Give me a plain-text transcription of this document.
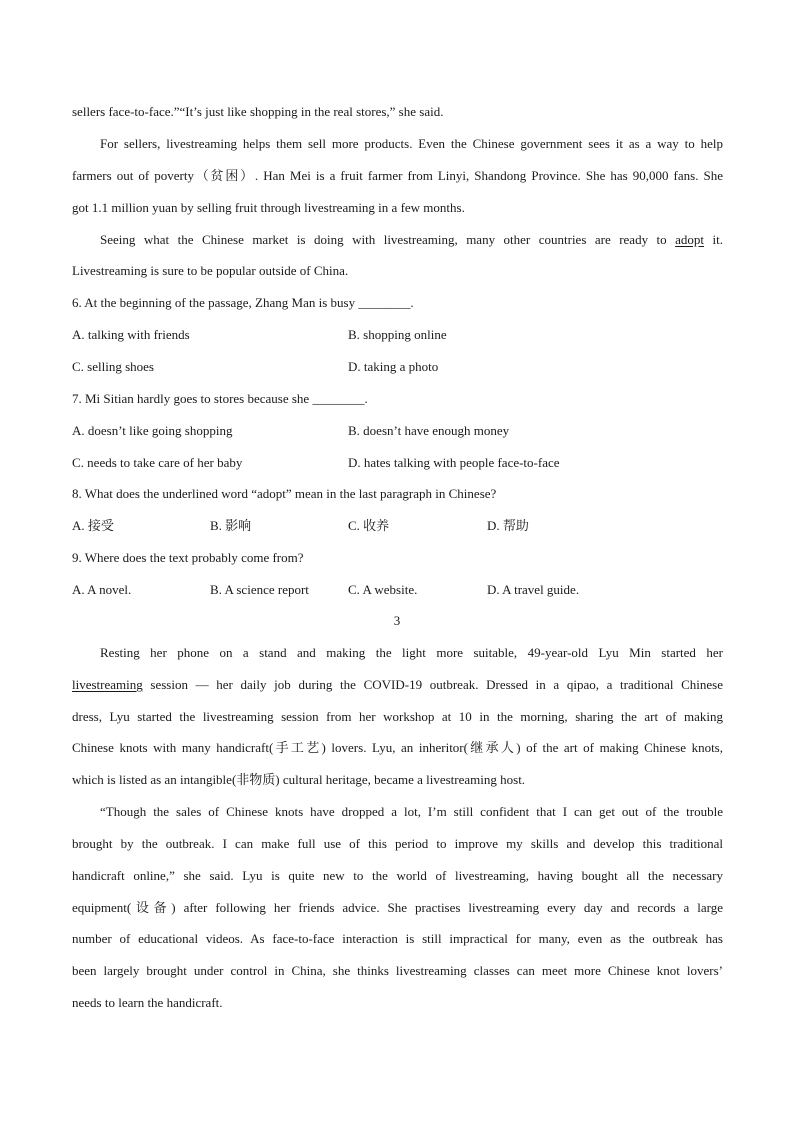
sellers face-to-face.”“It’s just like shopping in the real stores,” she said.
For sellers, livestreaming helps them sell more products. Even the Chinese government sees it as a way to help
farmers out of poverty（贫困）. Han Mei is a fruit farmer from Linyi, Shandong Province. She has 90,000 fans. She
got 1.1 million yuan by selling fruit through livestreaming in a few months.
Seeing what the Chinese market is doing with livestreaming, many other countries are ready to adopt it.
Livestreaming is sure to be popular outside of China.
6. At the beginning of the passage, Zhang Man is busy ________.
A. talking with friends	B. shopping online
C. selling shoes	D. taking a photo
7. Mi Sitian hardly goes to stores because she ________.
A. doesn’t like going shopping	B. doesn’t have enough money
C. needs to take care of her baby	D. hates talking with people face-to-face
8. What does the underlined word “adopt” mean in the last paragraph in Chinese?
A. 接受	B. 影响	C. 收养	D. 帮助
9. Where does the text probably come from?
A. A novel.	B. A science report	C. A website.	D. A travel guide.
3
Resting her phone on a stand and making the light more suitable, 49-year-old Lyu Min started her
livestreaming session — her daily job during the COVID-19 outbreak. Dressed in a qipao, a traditional Chinese
dress, Lyu started the livestreaming session from her workshop at 10 in the morning, sharing the art of making
Chinese knots with many handicraft(手工艺) lovers. Lyu, an inheritor(继承人) of the art of making Chinese knots,
which is listed as an intangible(非物质) cultural heritage, became a livestreaming host.
“Though the sales of Chinese knots have dropped a lot, I’m still confident that I can get out of the trouble
brought by the outbreak. I can make full use of this period to improve my skills and develop this traditional
handicraft online,” she said. Lyu is quite new to the world of livestreaming, having bought all the necessary
equipment(设备) after following her friends advice. She practises livestreaming every day and records a large
number of educational videos. As face-to-face interaction is still impractical for many, even as the outbreak has
been largely brought under control in China, she thinks livestreaming classes can meet more Chinese knot lovers’
needs to learn the handicraft.
